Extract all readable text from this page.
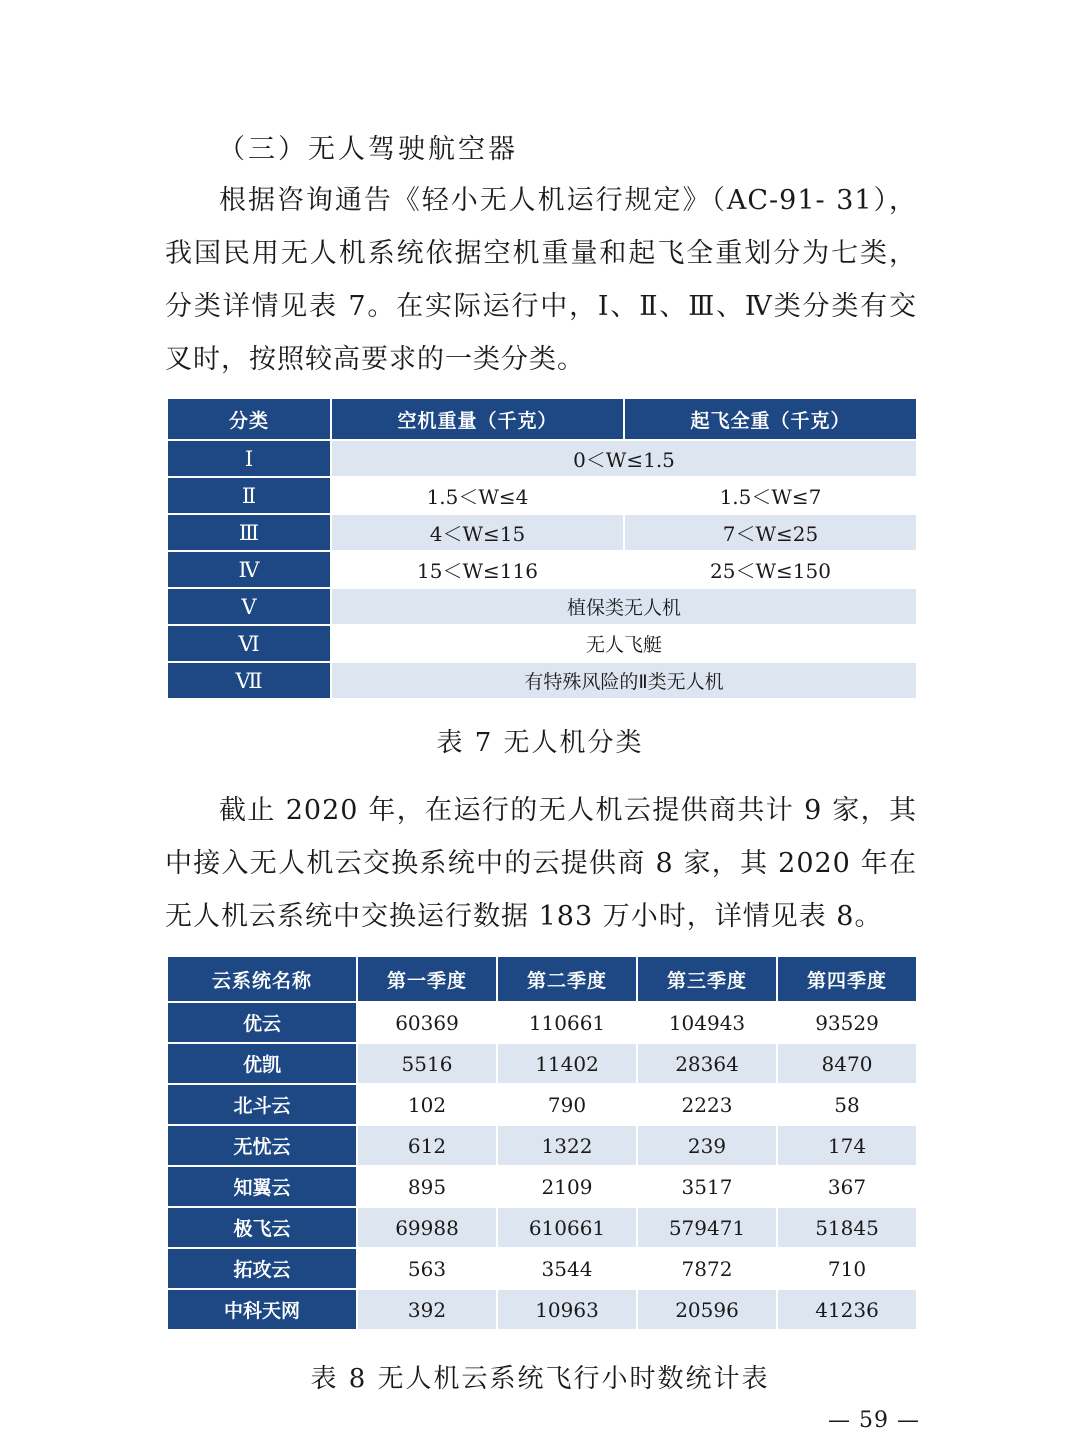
（三）无人驾驶航空器

根据咨询通告《轻小无人机运行规定》（AC-91- 31），我国民用无人机系统依据空机重量和起飞全重划分为七类，分类详情见表 7。在实际运行中，Ⅰ、Ⅱ、Ⅲ、Ⅳ类分类有交叉时，按照较高要求的一类分类。

分类	空机重量（千克）	起飞全重（千克）
Ⅰ	0＜W≤1.5	
Ⅱ	1.5＜W≤4	1.5＜W≤7
Ⅲ	4＜W≤15	7＜W≤25
Ⅳ	15＜W≤116	25＜W≤150
Ⅴ	植保类无人机	
Ⅵ	无人飞艇	
Ⅶ	有特殊风险的Ⅱ类无人机	
表 7 无人机分类

截止 2020 年，在运行的无人机云提供商共计 9 家，其中接入无人机云交换系统中的云提供商 8 家，其 2020 年在无人机云系统中交换运行数据 183 万小时，详情见表 8。

云系统名称	第一季度	第二季度	第三季度	第四季度
优云	60369	110661	104943	93529
优凯	5516	11402	28364	8470
北斗云	102	790	2223	58
无忧云	612	1322	239	174
知翼云	895	2109	3517	367
极飞云	69988	610661	579471	51845
拓攻云	563	3544	7872	710
中科天网	392	10963	20596	41236
表 8 无人机云系统飞行小时数统计表
— 59 —
